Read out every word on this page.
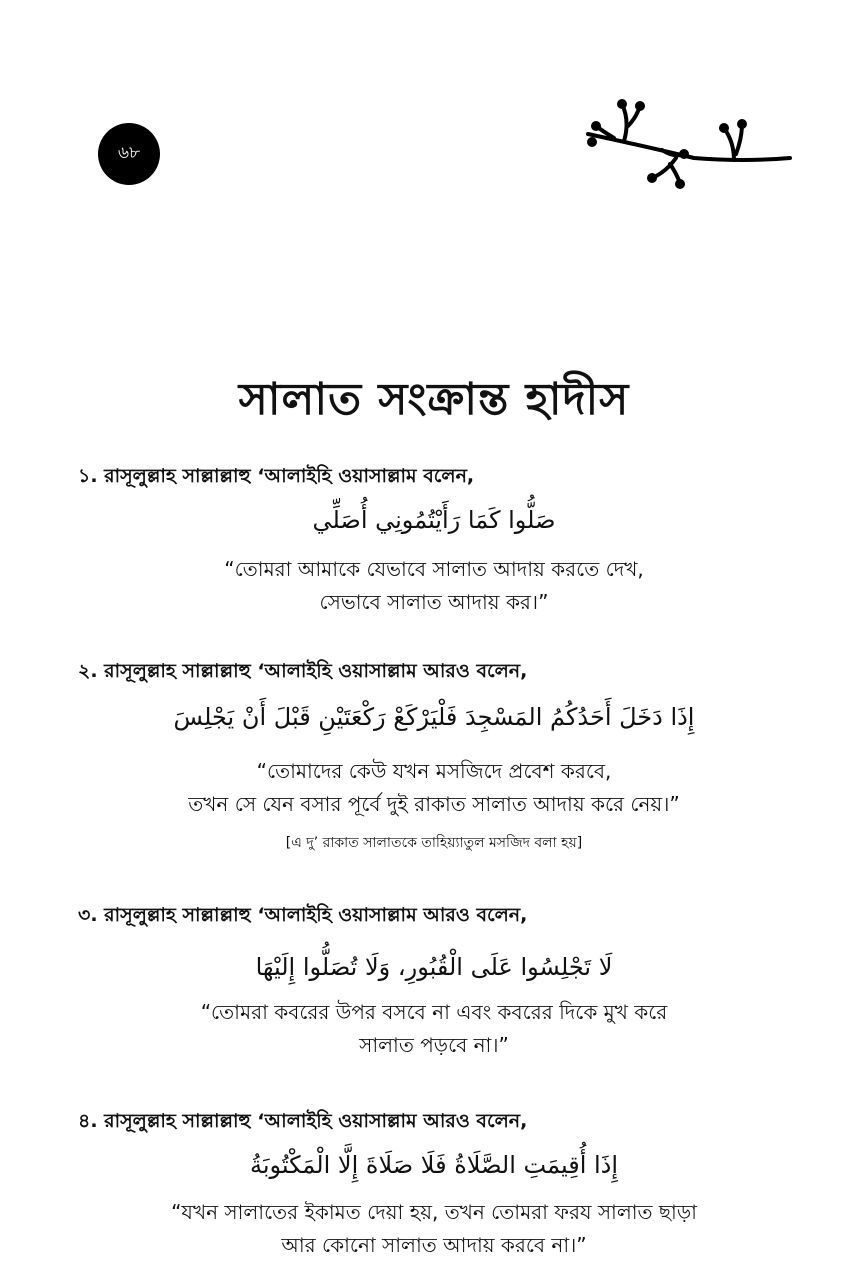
৬৮
সালাত সংক্রান্ত হাদীস
১. রাসূলুল্লাহ সাল্লাল্লাহু ‘আলাইহি ওয়াসাল্লাম বলেন,
صَلُّوا كَمَا رَأَيْتُمُونِي أُصَلِّي
“তোমরা আমাকে যেভাবে সালাত আদায় করতে দেখ,
সেভাবে সালাত আদায় কর।”
২. রাসূলুল্লাহ সাল্লাল্লাহু ‘আলাইহি ওয়াসাল্লাম আরও বলেন,
إِذَا دَخَلَ أَحَدُكُمُ المَسْجِدَ فَلْيَرْكَعْ رَكْعَتَيْنِ قَبْلَ أَنْ يَجْلِسَ
“তোমাদের কেউ যখন মসজিদে প্রবেশ করবে,
তখন সে যেন বসার পূর্বে দুই রাকাত সালাত আদায় করে নেয়।”
[এ দু’ রাকাত সালাতকে তাহিয়্যাতুল মসজিদ বলা হয়]
৩. রাসূলুল্লাহ সাল্লাল্লাহু ‘আলাইহি ওয়াসাল্লাম আরও বলেন,
لَا تَجْلِسُوا عَلَى الْقُبُورِ، وَلَا تُصَلُّوا إِلَيْهَا
“তোমরা কবরের উপর বসবে না এবং কবরের দিকে মুখ করে
সালাত পড়বে না।”
৪. রাসূলুল্লাহ সাল্লাল্লাহু ‘আলাইহি ওয়াসাল্লাম আরও বলেন,
إِذَا أُقِيمَتِ الصَّلَاةُ فَلَا صَلَاةَ إِلَّا الْمَكْتُوبَةُ
“যখন সালাতের ইকামত দেয়া হয়, তখন তোমরা ফরয সালাত ছাড়া
আর কোনো সালাত আদায় করবে না।”
